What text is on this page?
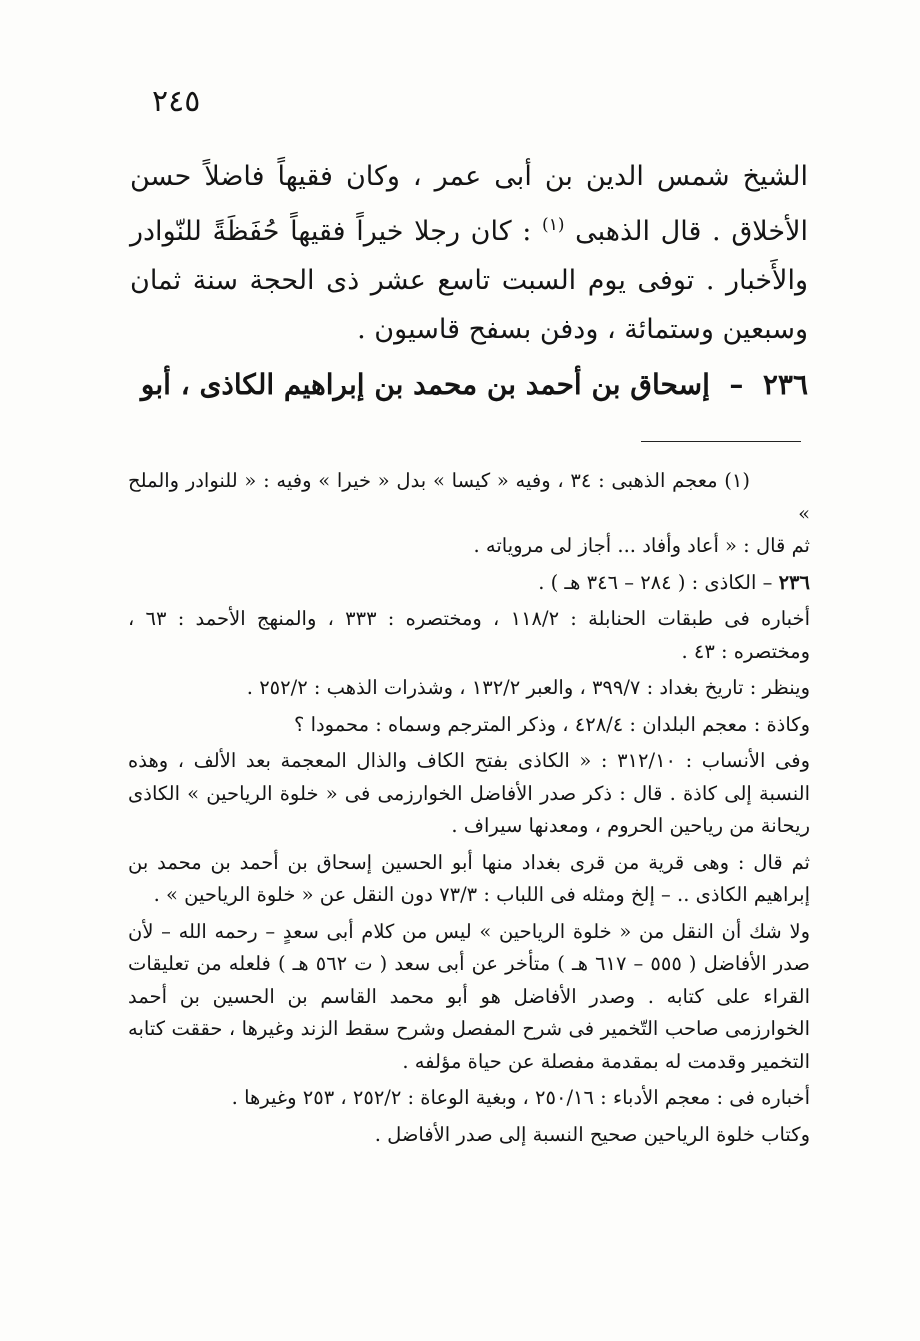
٢٤٥

الشيخ شمس الدين بن أبى عمر ، وكان فقيهاً فاضلاً حسن الأخلاق . قال الذهبى $^{(١)}$ : كان رجلا خيراً فقيهاً حُفَظَةً للنّوادر والأَخبار . توفى يوم السبت تاسع عشر ذى الحجة سنة ثمان وسبعين وستمائة ، ودفن بسفح قاسيون .

٢٣٦  –  إسحاق بن أحمد بن محمد بن إبراهيم الكاذى ، أبو

(١) معجم الذهبى : ٣٤ ، وفيه « كيسا » بدل « خيرا » وفيه : « للنوادر والملح »
ثم قال : « أعاد وأفاد ... أجاز لى مروياته .

٢٣٦ – الكاذى : ( ٢٨٤ – ٣٤٦ هـ ) .

أخباره فى طبقات الحنابلة : ١١٨/٢ ، ومختصره : ٣٣٣ ، والمنهج الأحمد : ٦٣ ، ومختصره : ٤٣ .

وينظر : تاريخ بغداد : ٣٩٩/٧ ، والعبر ١٣٢/٢ ، وشذرات الذهب : ٢٥٢/٢ .

وكاذة : معجم البلدان : ٤٢٨/٤ ، وذكر المترجم وسماه : محمودا ؟

وفى الأنساب : ٣١٢/١٠ : « الكاذى بفتح الكاف والذال المعجمة بعد الألف ، وهذه النسبة إلى كاذة . قال : ذكر صدر الأفاضل الخوارزمى فى « خلوة الرياحين » الكاذى ريحانة من رياحين الحروم ، ومعدنها سيراف .

ثم قال : وهى قرية من قرى بغداد منها أبو الحسين إسحاق بن أحمد بن محمد بن إبراهيم الكاذى .. – إلخ ومثله فى اللباب : ٧٣/٣ دون النقل عن « خلوة الرياحين » .

ولا شك أن النقل من « خلوة الرياحين » ليس من كلام أبى سعدٍ – رحمه الله – لأن صدر الأفاضل ( ٥٥٥ – ٦١٧ هـ ) متأخر عن أبى سعد ( ت ٥٦٢ هـ ) فلعله من تعليقات القراء على كتابه . وصدر الأفاضل هو أبو محمد القاسم بن الحسين بن أحمد الخوارزمى صاحب التّخمير فى شرح المفصل وشرح سقط الزند وغيرها ، حققت كتابه التخمير وقدمت له بمقدمة مفصلة عن حياة مؤلفه .

أخباره فى : معجم الأدباء : ٢٥٠/١٦ ، وبغية الوعاة : ٢٥٢/٢ ، ٢٥٣ وغيرها .

وكتاب خلوة الرياحين صحيح النسبة إلى صدر الأفاضل .
